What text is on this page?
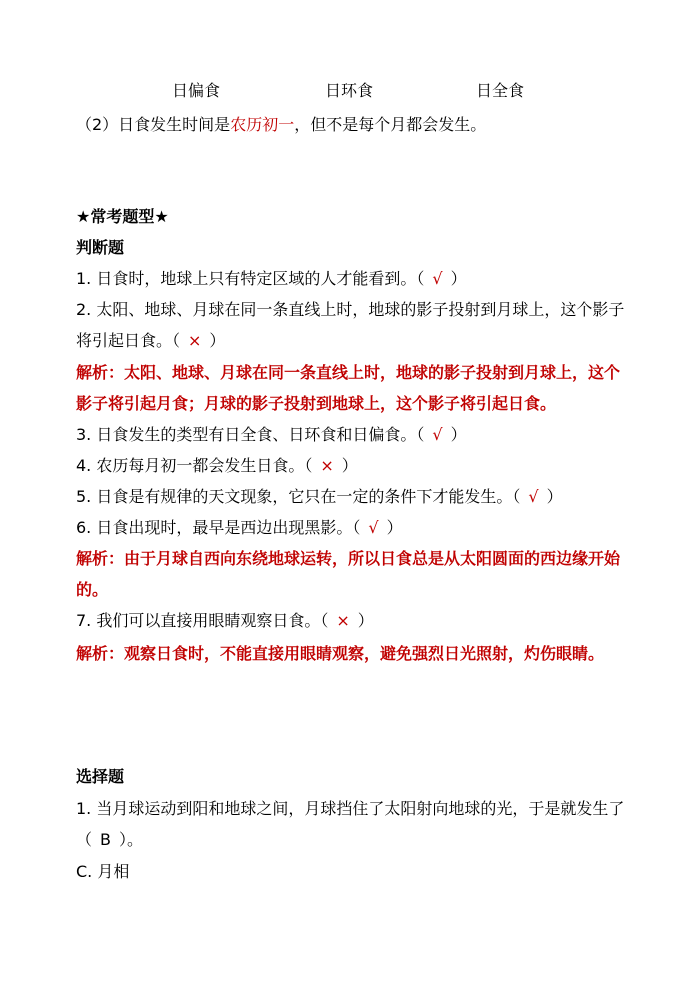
日偏食	日环食	日全食
（2）日食发生时间是农历初一，但不是每个月都会发生。
★常考题型★
判断题
1. 日食时，地球上只有特定区域的人才能看到。（ √ ）
2. 太阳、地球、月球在同一条直线上时，地球的影子投射到月球上，这个影子
将引起日食。（ × ）
解析：太阳、地球、月球在同一条直线上时，地球的影子投射到月球上，这个
影子将引起月食；月球的影子投射到地球上，这个影子将引起日食。
3. 日食发生的类型有日全食、日环食和日偏食。（ √ ）
4. 农历每月初一都会发生日食。（ × ）
5. 日食是有规律的天文现象，它只在一定的条件下才能发生。（ √ ）
6. 日食出现时，最早是西边出现黑影。（ √ ）
解析：由于月球自西向东绕地球运转，所以日食总是从太阳圆面的西边缘开始
的。
7. 我们可以直接用眼睛观察日食。（ × ）
解析：观察日食时，不能直接用眼睛观察，避免强烈日光照射，灼伤眼睛。
选择题
1. 当月球运动到阳和地球之间，月球挡住了太阳射向地球的光，于是就发生了
（ B ）。
C. 月相
